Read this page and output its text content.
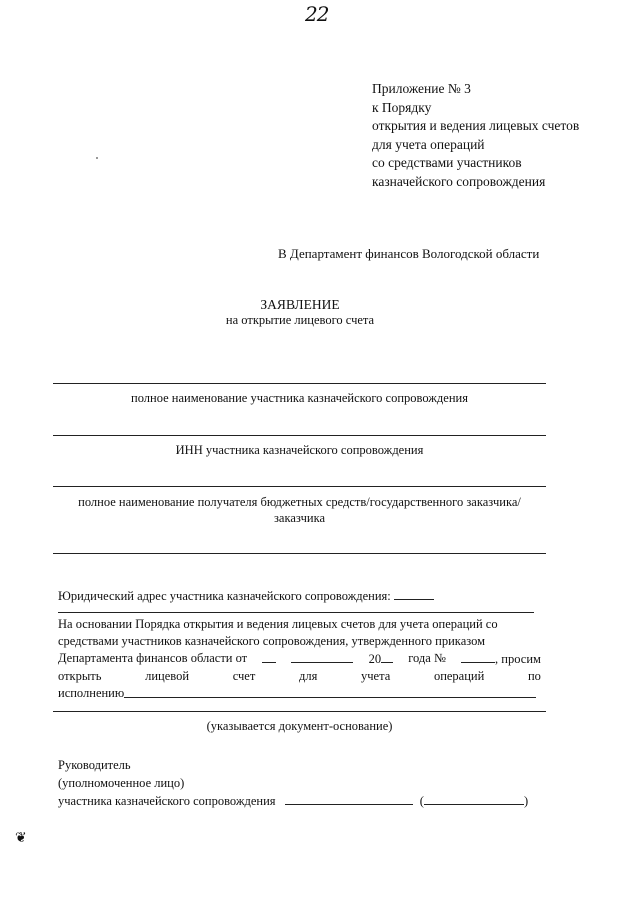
22
Приложение № 3
к Порядку
открытия и ведения лицевых счетов
для учета операций
со средствами участников
казначейского сопровождения
В Департамент финансов Вологодской области
ЗАЯВЛЕНИЕ
на открытие лицевого счета
полное наименование участника казначейского сопровождения
ИНН участника казначейского сопровождения
полное наименование получателя бюджетных средств/государственного заказчика/
заказчика
Юридический адрес участника казначейского сопровождения:
На основании Порядка открытия и ведения лицевых счетов для учета операций со
средствами участников казначейского сопровождения, утвержденного приказом
Департамента финансов области от	20	года №	, просим
открыть	лицевой	счет	для	учета	операций	по
исполнению
(указывается документ-основание)
Руководитель
(уполномоченное лицо)
участника казначейского сопровождения	(	)
❦
